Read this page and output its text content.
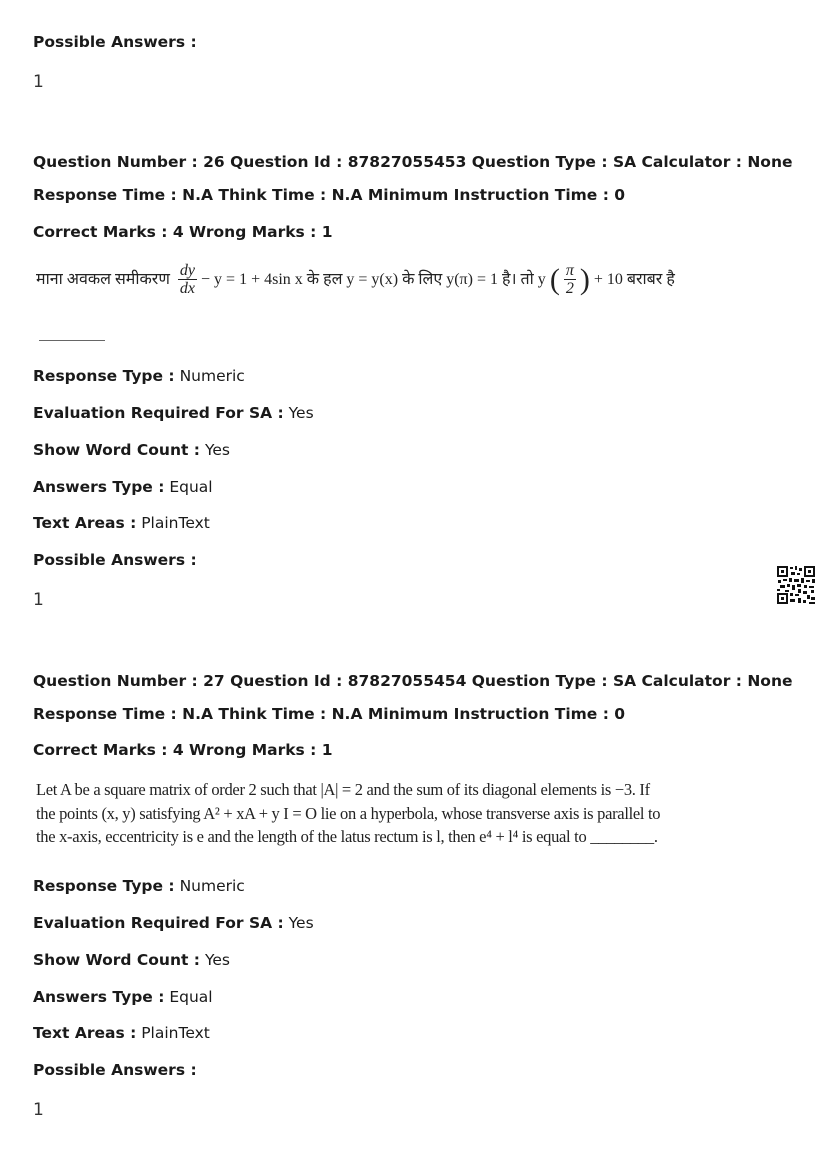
Possible Answers :
1
Question Number : 26 Question Id : 87827055453 Question Type : SA Calculator : None
Response Time : N.A Think Time : N.A Minimum Instruction Time : 0
Correct Marks : 4 Wrong Marks : 1
माना अवकल समीकरण $\frac{dy}{dx} - y = 1 + 4\sin$ x के हल y = y(x) के लिए y(π) = 1 है। तो y ( $\frac{\pi}{2}$ ) + 10 बराबर है
Response Type : Numeric
Evaluation Required For SA : Yes
Show Word Count : Yes
Answers Type : Equal
Text Areas : PlainText
Possible Answers :
1
Question Number : 27 Question Id : 87827055454 Question Type : SA Calculator : None
Response Time : N.A Think Time : N.A Minimum Instruction Time : 0
Correct Marks : 4 Wrong Marks : 1

Let A be a square matrix of order 2 such that |A| = 2 and the sum of its diagonal elements is −3. If

the points (x, y) satisfying A² + xA + y I = O lie on a hyperbola, whose transverse axis is parallel to

the x-axis, eccentricity is e and the length of the latus rectum is l, then e⁴ + l⁴ is equal to ________.

Response Type : Numeric
Evaluation Required For SA : Yes
Show Word Count : Yes
Answers Type : Equal
Text Areas : PlainText
Possible Answers :
1
